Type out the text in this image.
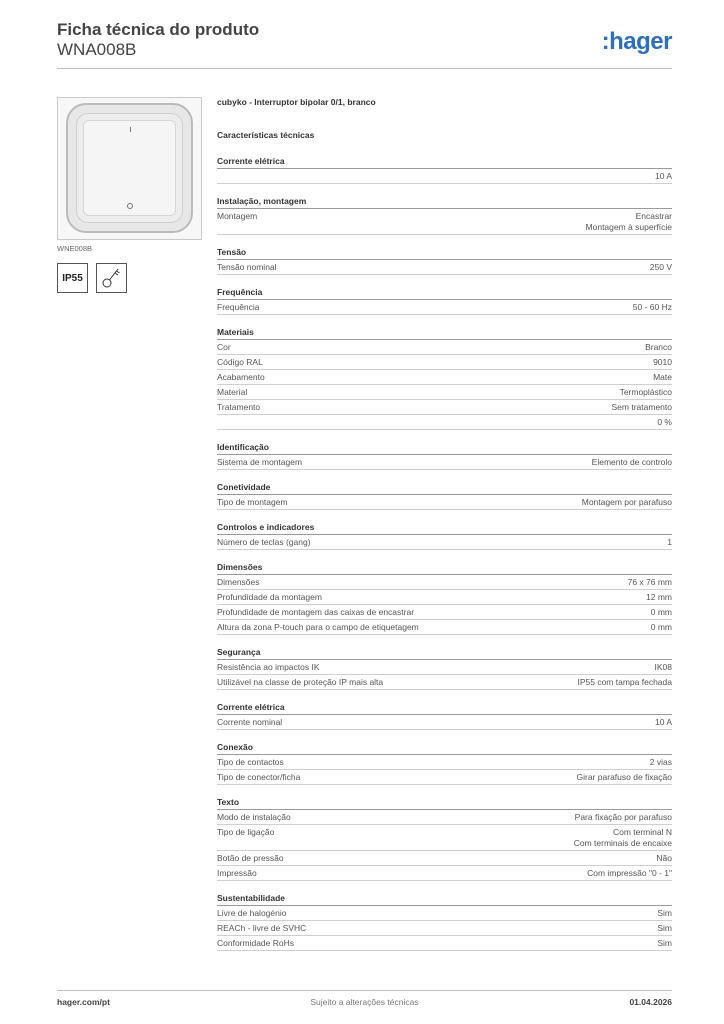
Ficha técnica do produto
WNA008B	:hager
WNE008B
IP55
cubyko - Interruptor bipolar 0/1, branco
Características técnicas
Corrente elétrica
10 A
Instalação, montagem
Montagem	Encastrar
Montagem à superfície
Tensão
Tensão nominal	250 V
Frequência
Frequência	50 - 60 Hz
Materiais
Cor	Branco
Código RAL	9010
Acabamento	Mate
Material	Termoplástico
Tratamento	Sem tratamento
0 %
Identificação
Sistema de montagem	Elemento de controlo
Conetividade
Tipo de montagem	Montagem por parafuso
Controlos e indicadores
Número de teclas (gang)	1
Dimensões
Dimensões	76 x 76 mm
Profundidade da montagem	12 mm
Profundidade de montagem das caixas de encastrar	0 mm
Altura da zona P-touch para o campo de etiquetagem	0 mm
Segurança
Resistência ao impactos IK	IK08
Utilizável na classe de proteção IP mais alta	IP55 com tampa fechada
Corrente elétrica
Corrente nominal	10 A
Conexão
Tipo de contactos	2 vias
Tipo de conector/ficha	Girar parafuso de fixação
Texto
Modo de instalação	Para fixação por parafuso
Tipo de ligação	Com terminal N
Com terminais de encaixe
Botão de pressão	Não
Impressão	Com impressão "0 - 1"
Sustentabilidade
Livre de halogénio	Sim
REACh - livre de SVHC	Sim
Conformidade RoHs	Sim
hager.com/pt	Sujeito a alterações técnicas	01.04.2026
